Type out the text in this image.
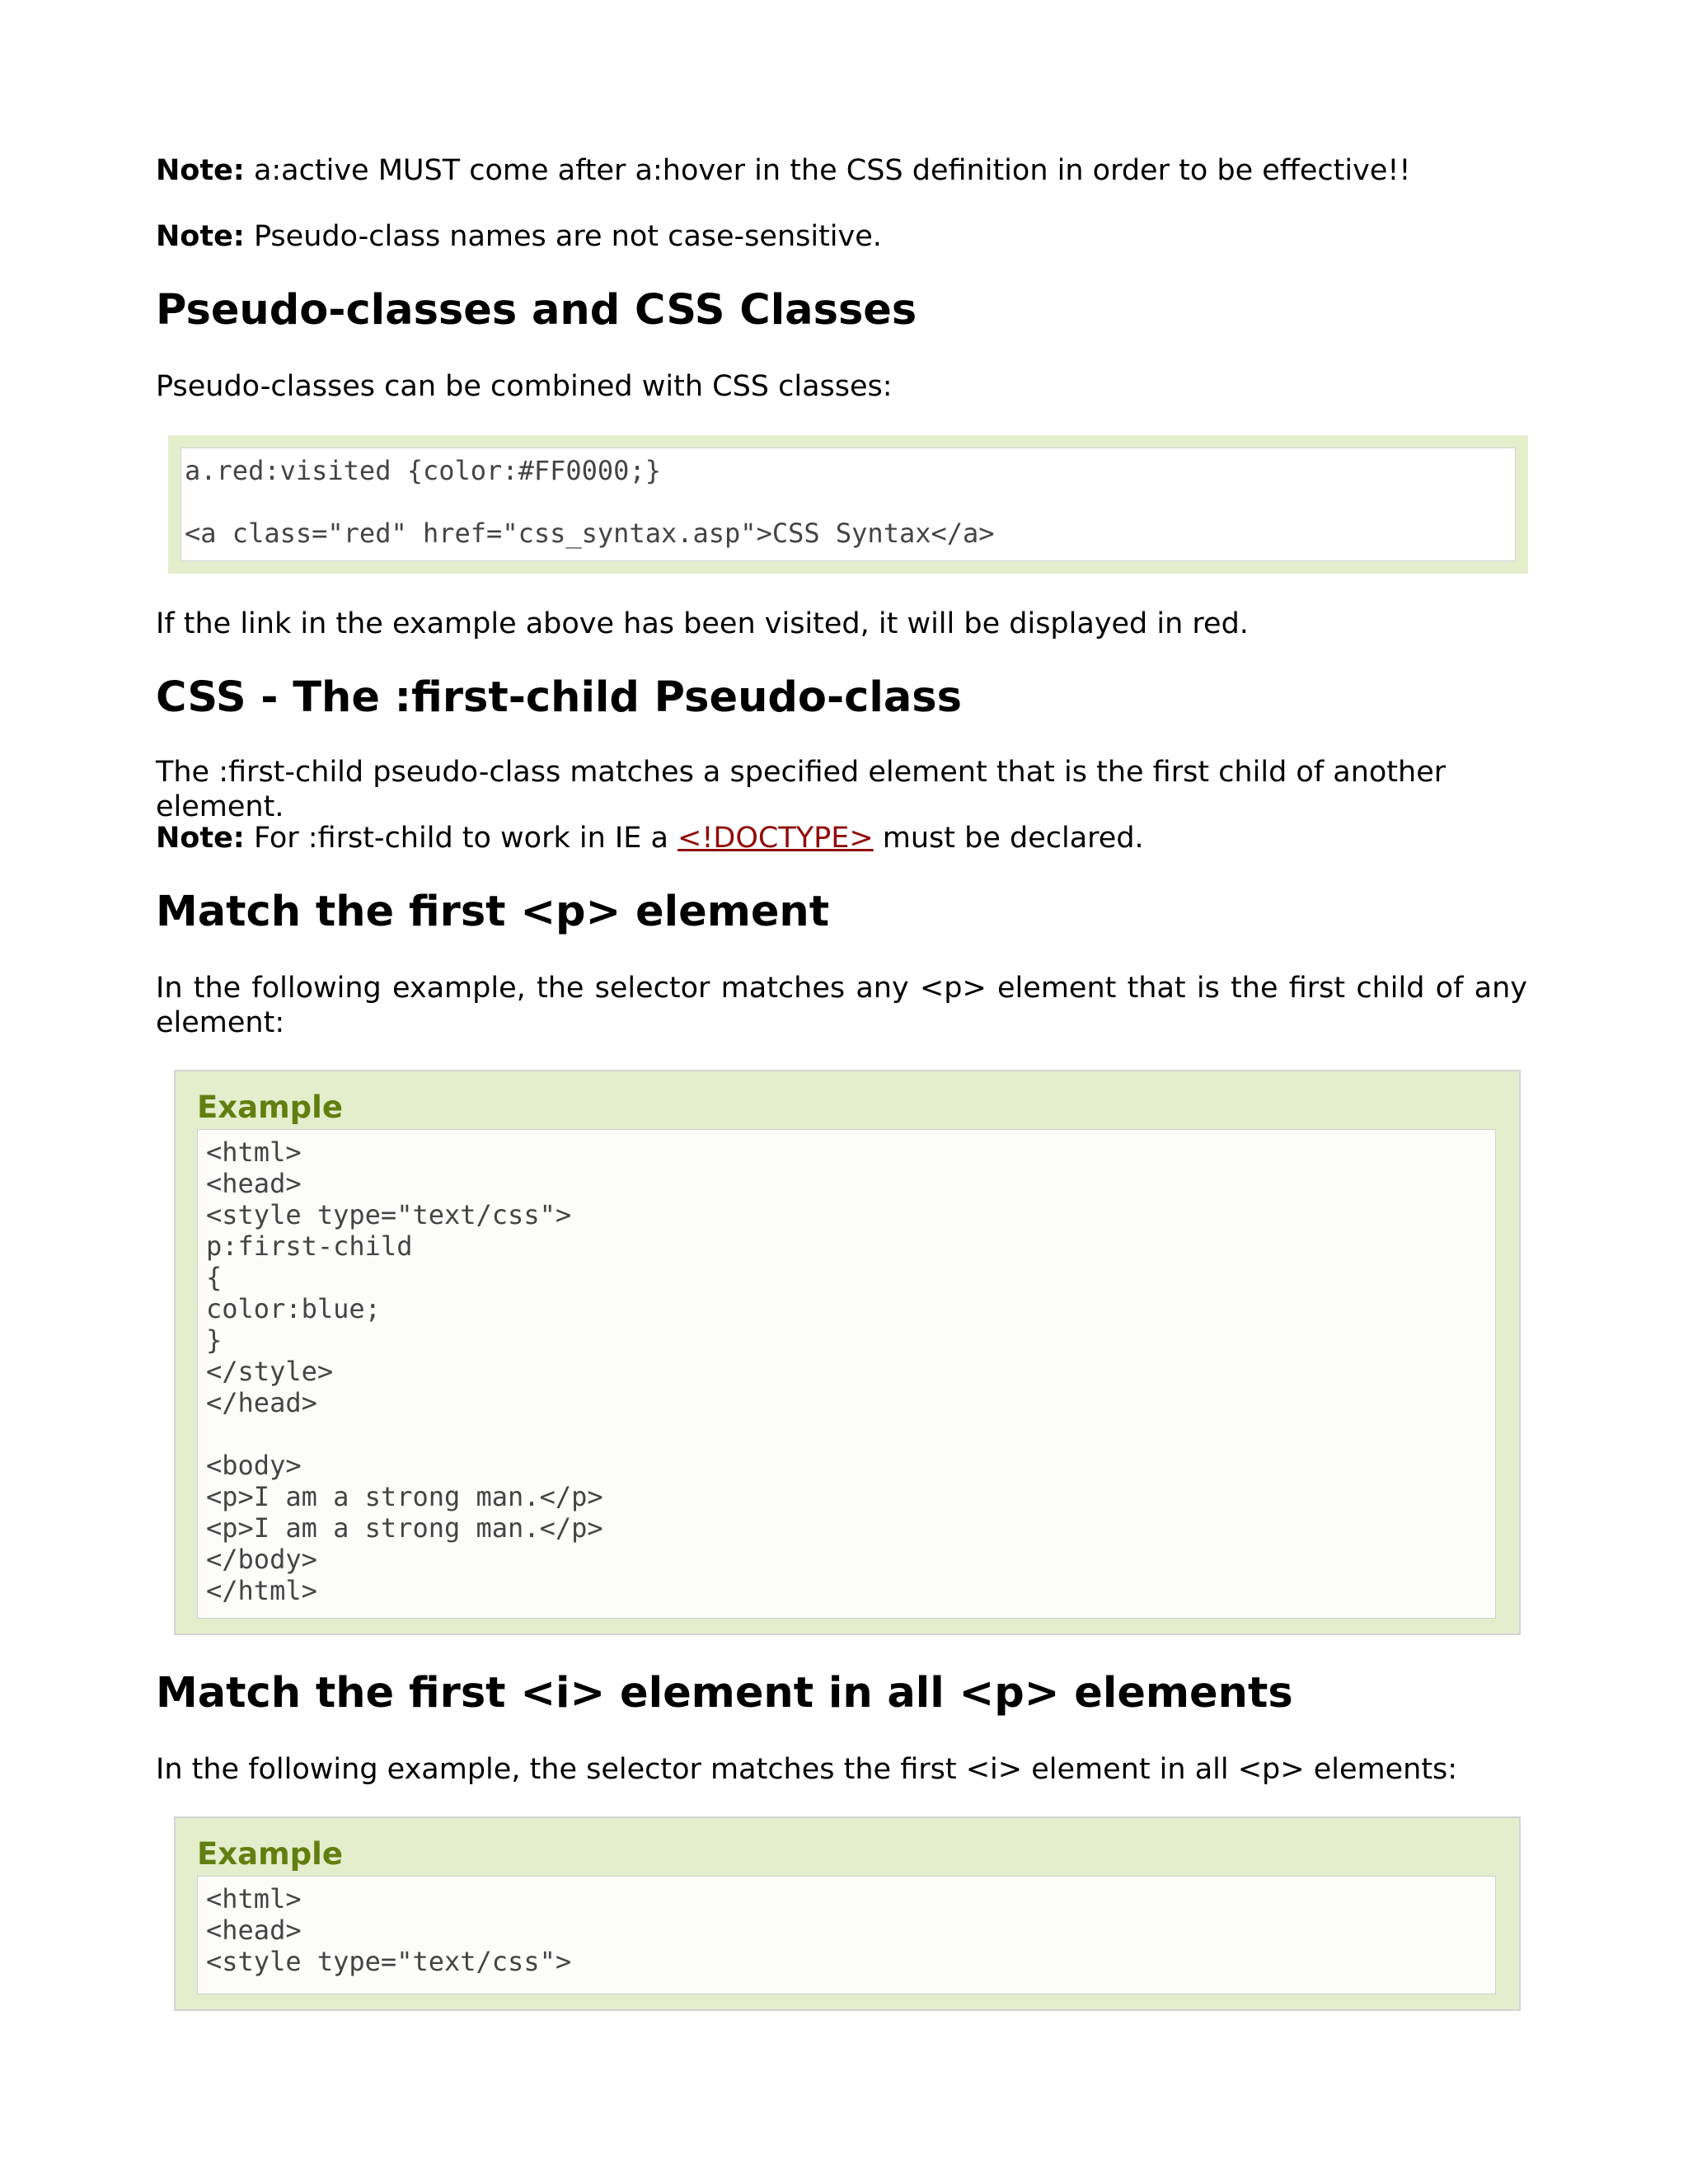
Note: a:active MUST come after a:hover in the CSS definition in order to be effective!!

Note: Pseudo-class names are not case-sensitive.

Pseudo-classes and CSS Classes

Pseudo-classes can be combined with CSS classes:

a.red:visited {color:#FF0000;}
<a class="red" href="css_syntax.asp">CSS Syntax</a>

If the link in the example above has been visited, it will be displayed in red.

CSS - The :first-child Pseudo-class

The :first-child pseudo-class matches a specified element that is the first child of another element.

Note: For :first-child to work in IE a <!DOCTYPE> must be declared.

Match the first <p> element

In the following example, the selector matches any <p> element that is the first child of any element:

Example

<html>
<head>
<style type="text/css">
p:first-child
{
color:blue;
}
</style>
</head>

<body>
<p>I am a strong man.</p>
<p>I am a strong man.</p>
</body>
</html>
Match the first <i> element in all <p> elements

In the following example, the selector matches the first <i> element in all <p> elements:

Example

<html>
<head>
<style type="text/css">
